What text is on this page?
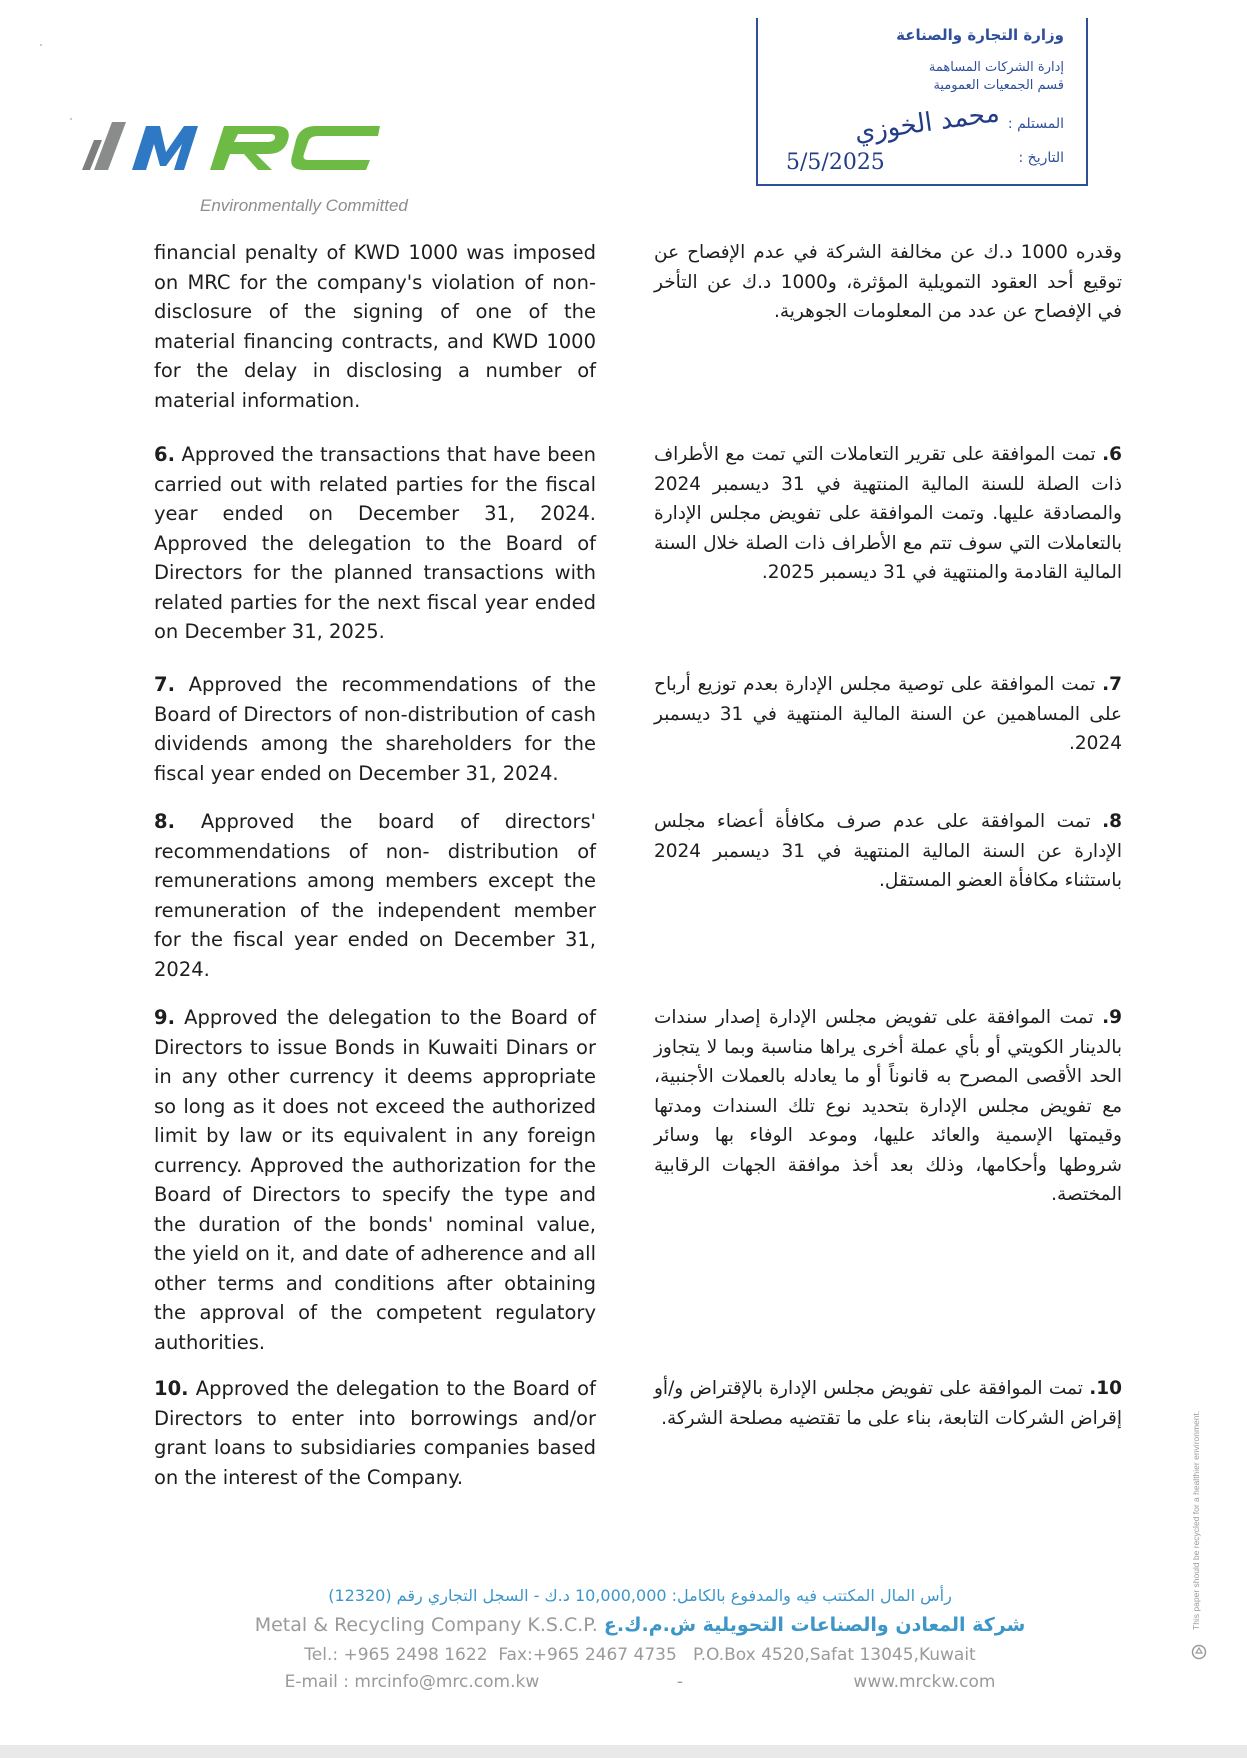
Environmentally Committed
وزارة التجارة والصناعة
إدارة الشركات المساهمة
قسم الجمعيات العمومية
المستلم :
محمد الخوزي
التاريخ :
5/5/2025
financial penalty of KWD 1000 was imposed on MRC for the company's violation of non-disclosure of the signing of one of the material financing contracts, and KWD 1000 for the delay in disclosing a number of material information.
وقدره 1000 د.ك عن مخالفة الشركة في عدم الإفصاح عن توقيع أحد العقود التمويلية المؤثرة، و1000 د.ك عن التأخر في الإفصاح عن عدد من المعلومات الجوهرية.
6. Approved the transactions that have been carried out with related parties for the fiscal year ended on December 31, 2024. Approved the delegation to the Board of Directors for the planned transactions with related parties for the next fiscal year ended on December 31, 2025.
6. تمت الموافقة على تقرير التعاملات التي تمت مع الأطراف ذات الصلة للسنة المالية المنتهية في 31 ديسمبر 2024 والمصادقة عليها. وتمت الموافقة على تفويض مجلس الإدارة بالتعاملات التي سوف تتم مع الأطراف ذات الصلة خلال السنة المالية القادمة والمنتهية في 31 ديسمبر 2025.
7. Approved the recommendations of the Board of Directors of non-distribution of cash dividends among the shareholders for the fiscal year ended on December 31, 2024.
7. تمت الموافقة على توصية مجلس الإدارة بعدم توزيع أرباح على المساهمين عن السنة المالية المنتهية في 31 ديسمبر 2024.
8. Approved the board of directors' recommendations of non- distribution of remunerations among members except the remuneration of the independent member for the fiscal year ended on December 31, 2024.
8. تمت الموافقة على عدم صرف مكافأة أعضاء مجلس الإدارة عن السنة المالية المنتهية في 31 ديسمبر 2024 باستثناء مكافأة العضو المستقل.
9. Approved the delegation to the Board of Directors to issue Bonds in Kuwaiti Dinars or in any other currency it deems appropriate so long as it does not exceed the authorized limit by law or its equivalent in any foreign currency. Approved the authorization for the Board of Directors to specify the type and the duration of the bonds' nominal value, the yield on it, and date of adherence and all other terms and conditions after obtaining the approval of the competent regulatory authorities.
9. تمت الموافقة على تفويض مجلس الإدارة إصدار سندات بالدينار الكويتي أو بأي عملة أخرى يراها مناسبة وبما لا يتجاوز الحد الأقصى المصرح به قانوناً أو ما يعادله بالعملات الأجنبية، مع تفويض مجلس الإدارة بتحديد نوع تلك السندات ومدتها وقيمتها الإسمية والعائد عليها، وموعد الوفاء بها وسائر شروطها وأحكامها، وذلك بعد أخذ موافقة الجهات الرقابية المختصة.
10. Approved the delegation to the Board of Directors to enter into borrowings and/or grant loans to subsidiaries companies based on the interest of the Company.
10. تمت الموافقة على تفويض مجلس الإدارة بالإقتراض و/أو إقراض الشركات التابعة، بناء على ما تقتضيه مصلحة الشركة.
رأس المال المكتتب فيه والمدفوع بالكامل: 10,000,000 د.ك - السجل التجاري رقم (12320)
Metal & Recycling Company K.S.C.P. شركة المعادن والصناعات التحويلية ش.م.ك.ع
Tel.: +965 2498 1622 Fax:+965 2467 4735 P.O.Box 4520,Safat 13045,Kuwait
E-mail : mrcinfo@mrc.com.kw	-	www.mrckw.com
This paper should be recycled for a healthier environment.
